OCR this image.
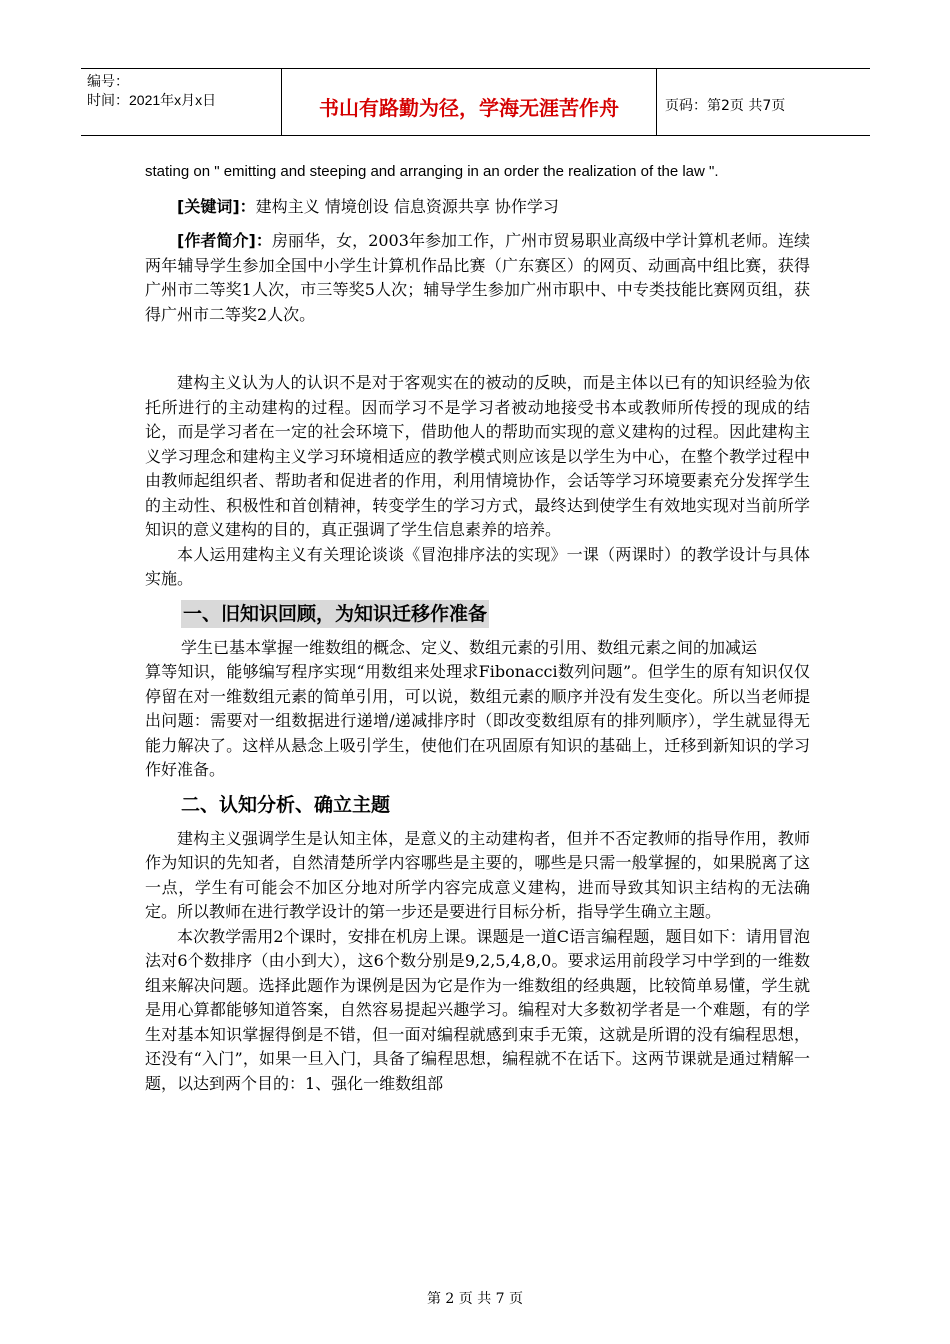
编号：
时间：2021年x月x日	书山有路勤为径，学海无涯苦作舟	页码：第2页 共7页

stating on " emitting and steeping and arranging in an order the realization of the law ".

[关键词]：建构主义 情境创设 信息资源共享 协作学习

[作者简介]：房丽华，女，2003年参加工作，广州市贸易职业高级中学计算机老师。连续两年辅导学生参加全国中小学生计算机作品比赛（广东赛区）的网页、动画高中组比赛，获得广州市二等奖1人次，市三等奖5人次；辅导学生参加广州市职中、中专类技能比赛网页组，获得广州市二等奖2人次。

建构主义认为人的认识不是对于客观实在的被动的反映，而是主体以已有的知识经验为依托所进行的主动建构的过程。因而学习不是学习者被动地接受书本或教师所传授的现成的结论，而是学习者在一定的社会环境下，借助他人的帮助而实现的意义建构的过程。因此建构主义学习理念和建构主义学习环境相适应的教学模式则应该是以学生为中心，在整个教学过程中由教师起组织者、帮助者和促进者的作用，利用情境协作，会话等学习环境要素充分发挥学生的主动性、积极性和首创精神，转变学生的学习方式，最终达到使学生有效地实现对当前所学知识的意义建构的目的，真正强调了学生信息素养的培养。

本人运用建构主义有关理论谈谈《冒泡排序法的实现》一课（两课时）的教学设计与具体实施。

一、旧知识回顾，为知识迁移作准备

学生已基本掌握一维数组的概念、定义、数组元素的引用、数组元素之间的加减运

算等知识，能够编写程序实现“用数组来处理求Fibonacci数列问题”。但学生的原有知识仅仅停留在对一维数组元素的简单引用，可以说，数组元素的顺序并没有发生变化。所以当老师提出问题：需要对一组数据进行递增/递减排序时（即改变数组原有的排列顺序），学生就显得无能力解决了。这样从悬念上吸引学生，使他们在巩固原有知识的基础上，迁移到新知识的学习作好准备。

二、认知分析、确立主题

建构主义强调学生是认知主体，是意义的主动建构者，但并不否定教师的指导作用，教师作为知识的先知者，自然清楚所学内容哪些是主要的，哪些是只需一般掌握的，如果脱离了这一点，学生有可能会不加区分地对所学内容完成意义建构，进而导致其知识主结构的无法确定。所以教师在进行教学设计的第一步还是要进行目标分析，指导学生确立主题。

本次教学需用2个课时，安排在机房上课。课题是一道C语言编程题，题目如下：请用冒泡法对6个数排序（由小到大），这6个数分别是9,2,5,4,8,0。要求运用前段学习中学到的一维数组来解决问题。选择此题作为课例是因为它是作为一维数组的经典题，比较简单易懂，学生就是用心算都能够知道答案，自然容易提起兴趣学习。编程对大多数初学者是一个难题，有的学生对基本知识掌握得倒是不错，但一面对编程就感到束手无策，这就是所谓的没有编程思想，还没有“入门”，如果一旦入门，具备了编程思想，编程就不在话下。这两节课就是通过精解一题，以达到两个目的：1、强化一维数组部

第 2 页 共 7 页
